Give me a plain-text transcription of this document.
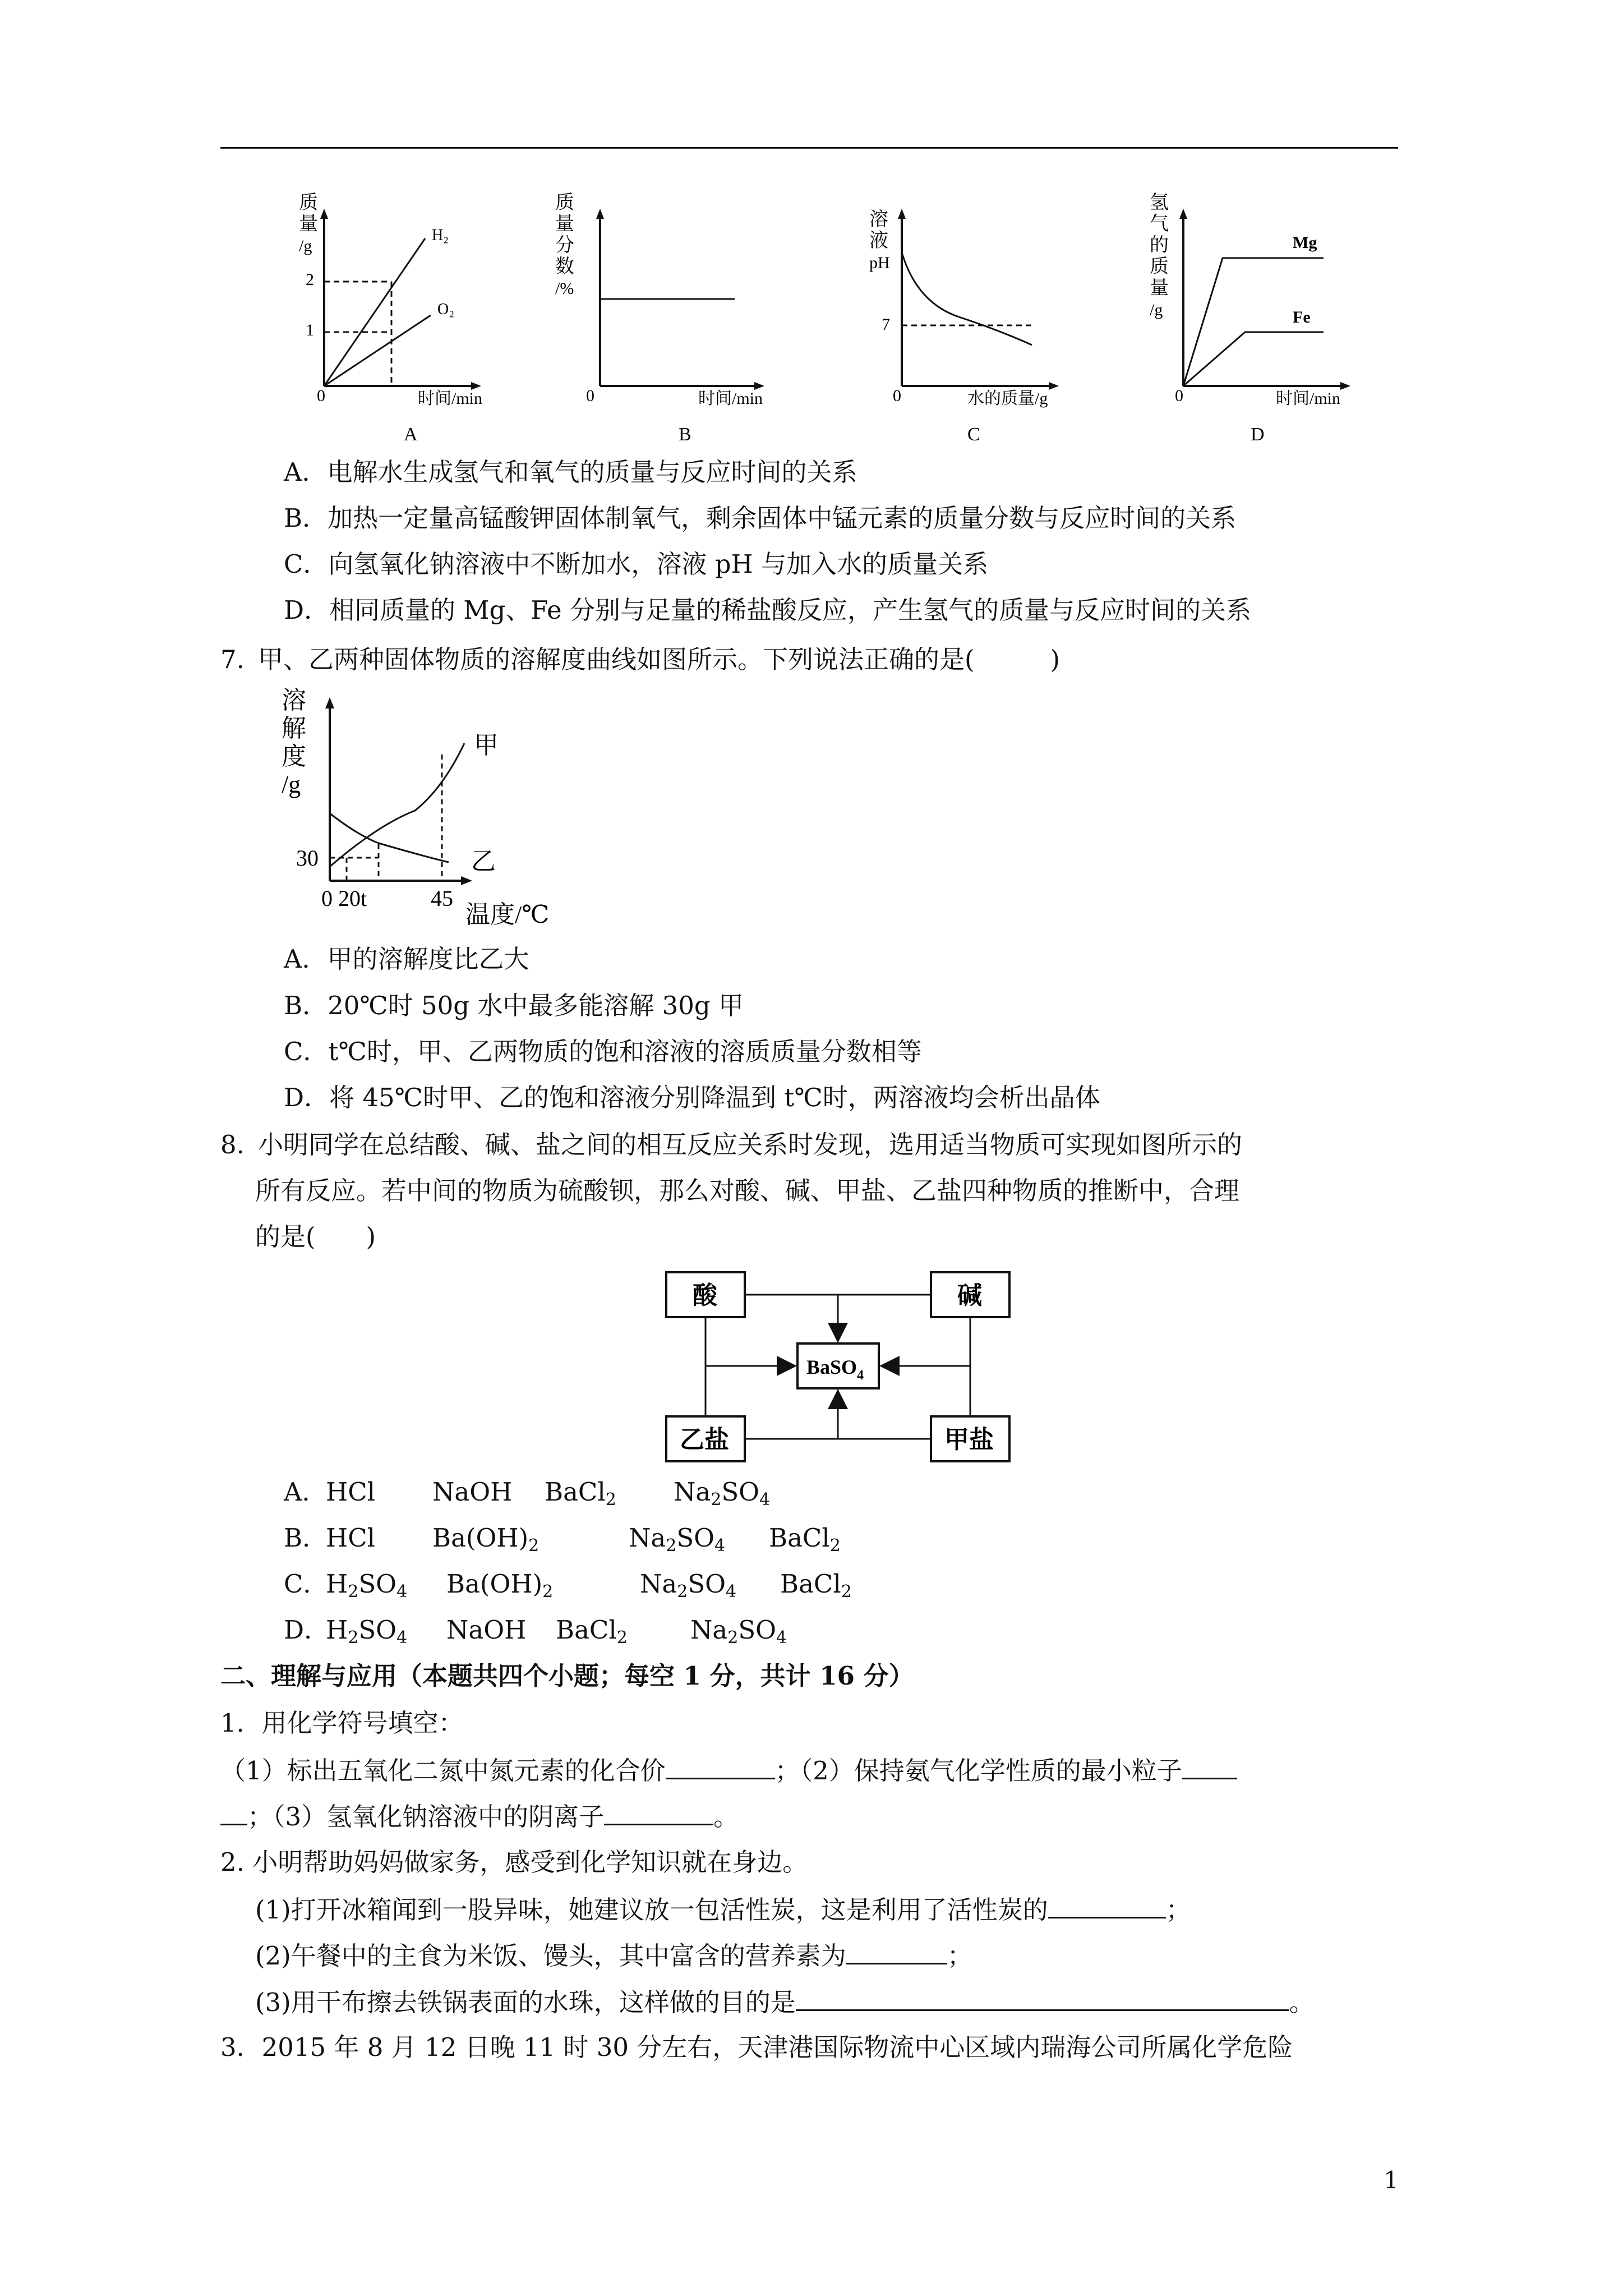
质
量
/g
0
2
1
H₂
O₂
时间/min
A
质
量
分
数
/%
0	时间/min
B
溶
液
pH
7
0	水的质量/g
C
氢
气
的
质
量
/g
Mg
Fe
0	时间/min
D
A．电解水生成氢气和氧气的质量与反应时间的关系
B．加热一定量高锰酸钾固体制氧气，剩余固体中锰元素的质量分数与反应时间的关系
C．向氢氧化钠溶液中不断加水，溶液 pH 与加入水的质量关系
D．相同质量的 Mg、Fe 分别与足量的稀盐酸反应，产生氢气的质量与反应时间的关系
7. 甲、乙两种固体物质的溶解度曲线如图所示。下列说法正确的是(　　　)
溶
解
度
/g
30
甲
乙
0 20t	45
温度/℃
A．甲的溶解度比乙大
B．20℃时 50g 水中最多能溶解 30g 甲
C．t℃时，甲、乙两物质的饱和溶液的溶质质量分数相等
D．将 45℃时甲、乙的饱和溶液分别降温到 t℃时，两溶液均会析出晶体
8. 小明同学在总结酸、碱、盐之间的相互反应关系时发现，选用适当物质可实现如图所示的
所有反应。若中间的物质为硫酸钡，那么对酸、碱、甲盐、乙盐四种物质的推断中，合理
的是(　　)
酸	碱
乙盐	甲盐
BaSO$_4$
A．
HCl NaOH BaCl2 Na2SO4
B．
HCl Ba(OH)2	Na2SO4 BaCl2
C．
H2SO4 Ba(OH)2	Na2SO4 BaCl2
D．
H2SO4 NaOH BaCl2 Na2SO4
二、理解与应用（本题共四个小题；每空 1 分，共计 16 分）
1．用化学符号填空：
（1）标出五氧化二氮中氮元素的化合价	；（2）保持氨气化学性质的最小粒子
；（3）氢氧化钠溶液中的阴离子	。
2. 小明帮助妈妈做家务，感受到化学知识就在身边。
(1)打开冰箱闻到一股异味，她建议放一包活性炭，这是利用了活性炭的	；
(2)午餐中的主食为米饭、馒头，其中富含的营养素为	；
(3)用干布擦去铁锅表面的水珠，这样做的目的是	。
3．2015 年 8 月 12 日晚 11 时 30 分左右，天津港国际物流中心区域内瑞海公司所属化学危险
1
